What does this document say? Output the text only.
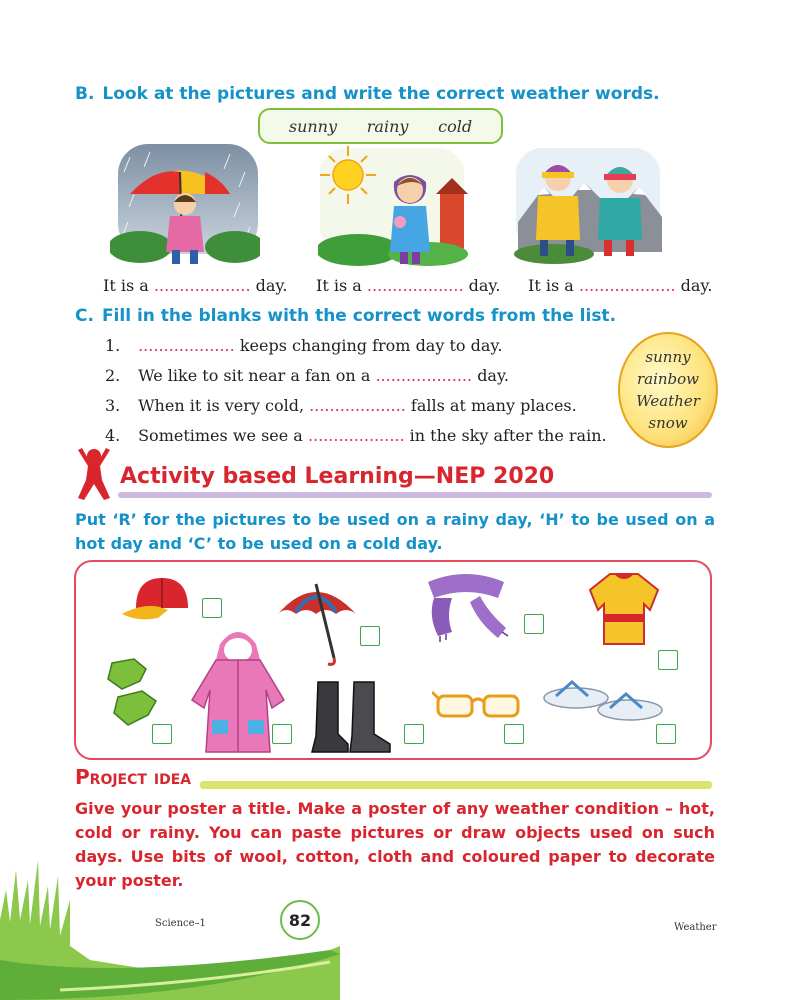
B. Look at the pictures and write the correct weather words.
sunny rainy cold
It is a ................... day. It is a ................... day. It is a ................... day.
C. Fill in the blanks with the correct words from the list.
1. ................... keeps changing from day to day.
2. We like to sit near a fan on a ................... day.
3. When it is very cold, ................... falls at many places.
4. Sometimes we see a ................... in the sky after the rain.
sunny
rainbow
Weather
snow
Activity based Learning—NEP 2020
Put ‘R’ for the pictures to be used on a rainy day, ‘H’ to be used on a hot day and ‘C’ to be used on a cold day.
Project idea
Give your poster a title. Make a poster of any weather condition – hot, cold or rainy. You can paste pictures or draw objects used on such days. Use bits of wool, cotton, cloth and coloured paper to decorate your poster.
Science–1	82	Weather
